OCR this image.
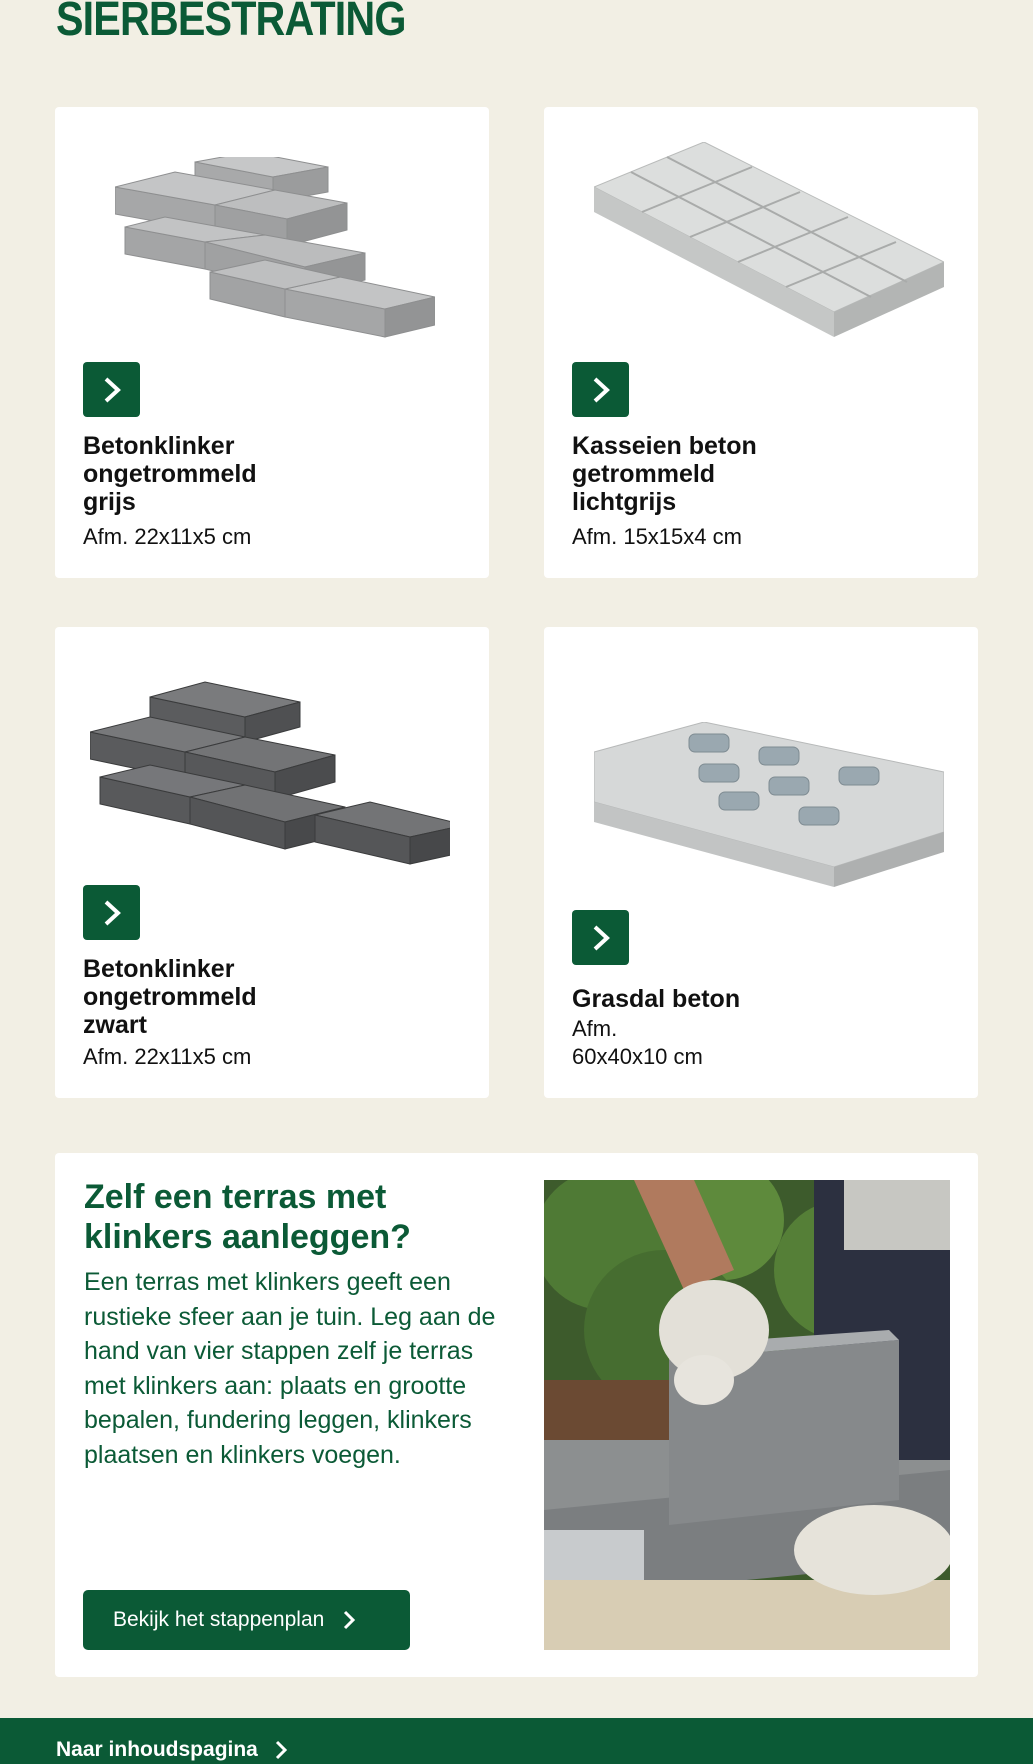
SIERBESTRATING
Betonklinker
ongetrommeld
grijs
Afm. 22x11x5 cm
Kasseien beton
getrommeld
lichtgrijs
Afm. 15x15x4 cm
Betonklinker
ongetrommeld
zwart
Afm. 22x11x5 cm
Grasdal beton
Afm.
60x40x10 cm
Zelf een terras met klinkers aanleggen?
Een terras met klinkers geeft een rustieke sfeer aan je tuin. Leg aan de hand van vier stappen zelf je terras met klinkers aan: plaats en grootte bepalen, fundering leggen, klinkers plaatsen en klinkers voegen.
Bekijk het stappenplan
Naar inhoudspagina
